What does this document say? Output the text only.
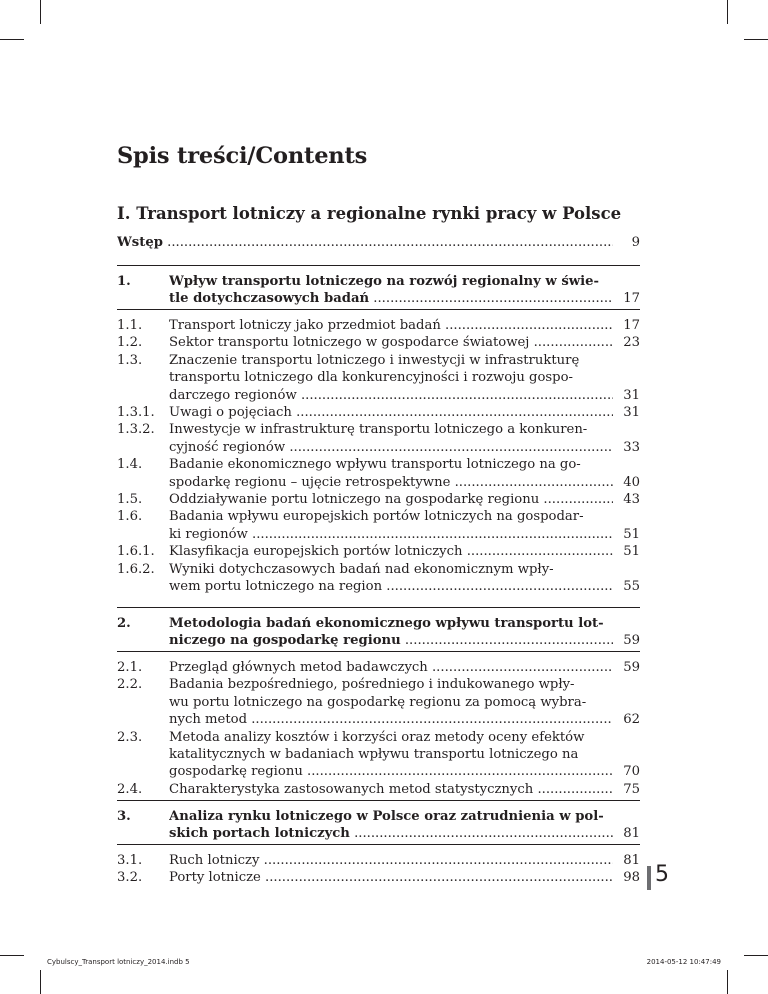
Spis treści/Contents
I. Transport lotniczy a regionalne rynki pracy w Polsce
Wstęp .....	9
1.	Wpływ transportu lotniczego na rozwój regionalny w świe-
tle dotychczasowych badań .....	17
1.1. Transport lotniczy jako przedmiot badań .....	17
1.2. Sektor transportu lotniczego w gospodarce światowej .....	23
1.3. Znaczenie transportu lotniczego i inwestycji w infrastrukturę
transportu lotniczego dla konkurencyjności i rozwoju gospo-
darczego regionów .....	31
1.3.1. Uwagi o pojęciach .....	31
1.3.2. Inwestycje w infrastrukturę transportu lotniczego a konkuren-
cyjność regionów .....	33
1.4. Badanie ekonomicznego wpływu transportu lotniczego na go-
spodarkę regionu – ujęcie retrospektywne .....	40
1.5. Oddziaływanie portu lotniczego na gospodarkę regionu .....	43
1.6. Badania wpływu europejskich portów lotniczych na gospodar-
ki regionów .....	51
1.6.1. Klasyfikacja europejskich portów lotniczych .....	51
1.6.2. Wyniki dotychczasowych badań nad ekonomicznym wpły-
wem portu lotniczego na region .....	55
2.	Metodologia badań ekonomicznego wpływu transportu lot-
niczego na gospodarkę regionu .....	59
2.1. Przegląd głównych metod badawczych .....	59
2.2. Badania bezpośredniego, pośredniego i indukowanego wpły-
wu portu lotniczego na gospodarkę regionu za pomocą wybra-
nych metod .....	62
2.3. Metoda analizy kosztów i korzyści oraz metody oceny efektów
katalitycznych w badaniach wpływu transportu lotniczego na
gospodarkę regionu .....	70
2.4. Charakterystyka zastosowanych metod statystycznych .....	75
3.	Analiza rynku lotniczego w Polsce oraz zatrudnienia w pol-
skich portach lotniczych .....	81
3.1. Ruch lotniczy .....	81
3.2. Porty lotnicze .....	98 5
Cybulscy_Transport lotniczy_2014.indb 5	2014-05-12 10:47:49
